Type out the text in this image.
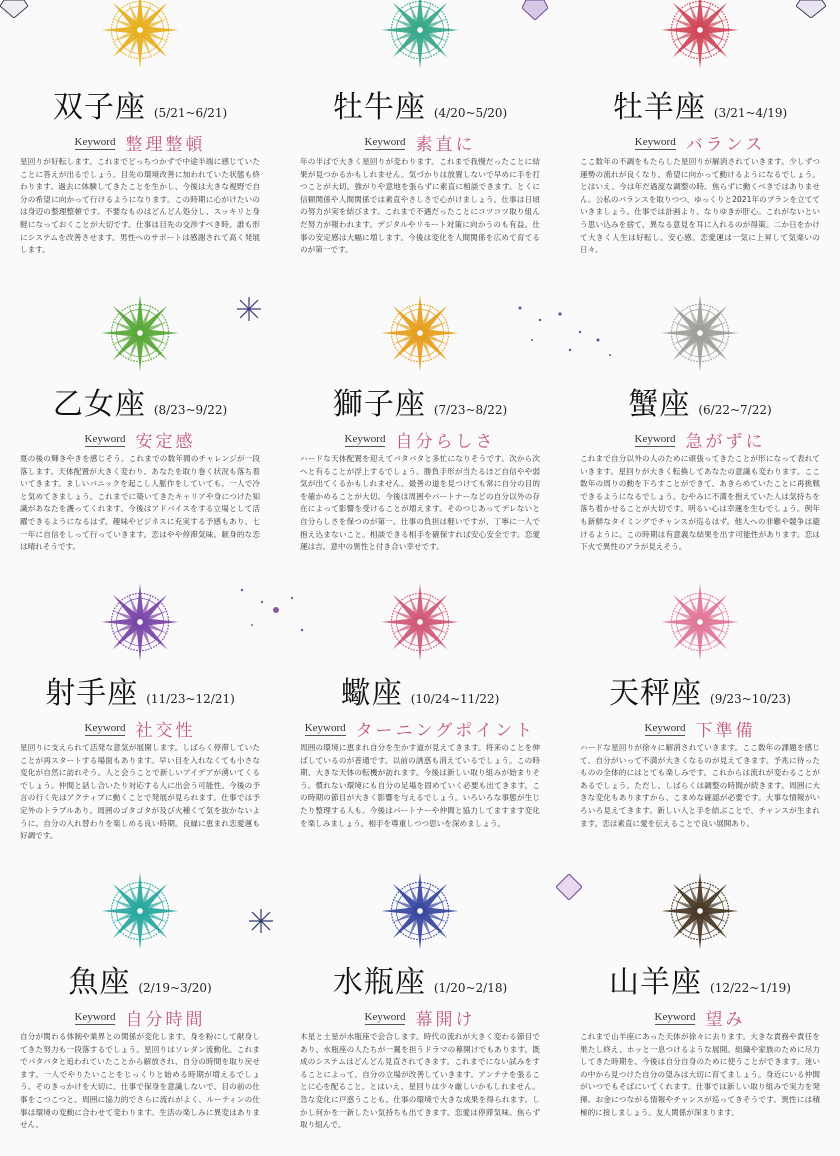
双子座 (5/21~6/21)
Keyword 整理整頓
星回りが好転します。これまでどっちつかずで中途半端に感じていたことに答えが出るでしょう。目先の環境改善に加われていた状態も終わります。過去に体験してきたことを生かし、今後は大きな視野で自分の希望に向かって行けるようになります。この時期に心がけたいのは身辺の整理整頓です。不要なものはどんどん処分し、スッキリと身軽になっておくことが大切です。仕事は目先の交渉すべき時。誰も形にシステムを改善させます。男性へのサポートは感謝されて高く発展します。
牡牛座 (4/20~5/20)
Keyword 素直に
年の半ばで大きく星回りが変わります。これまで我慢だったことに結果が見つかるかもしれません。気づかりは放置しないで早めに手を打つことが大切。強がりや意地を張らずに素直に相談できます。とくに信頼関係や人間関係では素直やさしさで心がけましょう。仕事は日頃の努力が実を結びます。これまで不遇だったことにコツコツ取り組んだ努力が報われます。デジタルやリモート対策に向かうのも有益。仕事の安定感は大幅に増します。今後は変化を人間関係を広めて育てるのが第一です。
牡羊座 (3/21~4/19)
Keyword バランス
ここ数年の不調をもたらした星回りが解消されていきます。少しずつ運勢の流れが良くなり、希望に向かって動けるようになるでしょう。とはいえ、今は年だ過度な調整の時。焦らずに動くべきではありません。公私のバランスを取りつつ、ゆっくりと2021年のプランを立てていきましょう。仕事では計画より、なりゆきが肝心。これがないという思い込みを捨て、異なる意見を耳に入れるのが得策。二か日をかけて大きく人生は好転し、安心感。恋愛運は一気に上昇して気楽いの日々。
乙女座 (8/23~9/22)
Keyword 安定感
夏の後の輝きやきを感じそう。これまでの数年間のチャレンジが一段落します。天体配置が大きく変わり、あなたを取り巻く状況も落ち着いてきます。ましいバニックを起こし人脈作をしていても、一人で冷と気めてきましょう。これまでに築いてきたキャリアや身につけた知識があなたを護ってくれます。今後はアドバイスをする立場として活躍できるようになるはず。趣味やビジネスに充実する予感もあり、七一年に自信をしって行っていきます。恋はやや停滞気味。献身的な恋は晴れそうです。
獅子座 (7/23~8/22)
Keyword 自分らしさ
ハードな天体配置を迎えてバタバタと多忙になりそうです。次から次へと有ることが浮上するでしょう。勝負手形が当たるほど自信やや弱気が出てくるかもしれません。最善の道を見つけても常に自分の目的を確かめることが大切。今後は周囲やパートナーなどの自分以外の存在によって影響を受けることが増えます。そのつじあってデレないと自分らしさを保つのが第一。仕事の負担は軽いですが、丁寧に一人で抱え込まないこと。相談できる相手を確保すれば安心安全です。恋愛運は吉。意中の異性と付き合い幸せです。
蟹座 (6/22~7/22)
Keyword 急がずに
これまで自分以外の人のために頑張ってきたことが形になって表れていきます。星回りが大きく転換してあなたの意識も変わります。ここ数年の周りの動を下ろすことができて、あきらめていたことに再挑戦できるようになるでしょう。むやみに不満を抱えていた人は気持ちを落ち着かせることが大切です。明るい心は幸運を生むでしょう。例年も新鮮なタイミングでチャンスが巡るはず。他人への非難や競争は避けるように。この時期は有意義な結果を出す可能性があります。恋は下火で異性のアラが見えそう。
射手座 (11/23~12/21)
Keyword 社交性
星回りに支えられて活発な意気が展開します。しばらく停滞していたことが再スタートする場面もあります。早い目を入れなくても小さな変化が自然に訪れそう。人と会うことで新しいアイデアが湧いてくるでしょう。仲間と話し合いたり対応する人に出会う可能性。今後の予言の行く先はアクティブに動くことで発展が見られます。仕事では予定外のトラブルあり。周囲のゴタゴタが及び火種くて気を抜かないように。自分の入れ替わりを楽しめる良い時期。良縁に恵まれ恋愛運も好調です。
蠍座 (10/24~11/22)
Keyword ターニングポイント
周囲の環境に恵まれ自分を生かす道が見えてきます。将来のことを伸ばしているのが普通です。以前の誘惑も消えているでしょう。この時期、大きな天体の転機が訪れます。今後は新しい取り組みが始まりそう。慣れない環境にも自分の足場を固めていく必要も出てきます。この時期の節目が大きく影響を与えるでしょう。いろいろな事態が生じたり整理する人も。今後はパートナーや仲間と協力してますます変化を楽しみましょう。相手を尊重しつつ思いを深めましょう。
天秤座 (9/23~10/23)
Keyword 下準備
ハードな星回りが徐々に解消されていきます。ここ数年の課題を感じて、自分がいって不満が大きくなるのが見えてきます。予兆に待ったものの全体的にはとても楽しみです。これからは流れが変わることがあるでしょう。ただし、しばらくは調整の時間が続きます。周囲に大きな変化もありますから、こまめな確認が必要です。大事な情報がいろいろ見えてきます。新しい人と手を結ぶことで、チャンスが生まれます。恋は素直に愛を伝えることで良い展開あり。
魚座 (2/19~3/20)
Keyword 自分時間
自分が関わる体制や業界との関係が変化します。身を粉にして献身してきた努力も一段落するでしょう。星回りはソレダン流動化。これまでバタバタと追われていたことから解放され、自分の時間を取り戻せます。一人でやりたいことをじっくりと始める時期が増えるでしょう。そのきっかけを大切に。仕事で保身を意識しないで、目の前の仕事をこつこつと。周囲に協力的でさらに流れがよく、ルーティンの仕事は環境の変動に合わせて変わります。生活の楽しみに異変はありません。
水瓶座 (1/20~2/18)
Keyword 幕開け
木星と土星が水瓶座で会合します。時代の流れが大きく変わる節目であり、水瓶座の人たちが一翼を担うドラマの幕開けでもあります。既成のシステムはどんどん見直されてきます。これまでにない試みをすることによって、自分の立場が改善していきます。アンテナを張ることに心を配ること。とはいえ、星回りは少々厳しいかもしれません。急な変化に戸惑うことも。仕事の環境で大きな成果を得られます。しかし何かを一新したい気持ちも出てきます。恋愛は停滞気味。焦らず取り組んで。
山羊座 (12/22~1/19)
Keyword 望み
これまで山羊座にあった天体が徐々に去ります。大きな責務や責任を果たし終え、ホッと一息つけるような展開。組織や家族のために尽力してきた時期を、今後は自分自身のために使うことができます。迷いの中から見つけた自分の望みは大切に育てましょう。身近にいる仲間がいつでもそばにいてくれます。仕事では新しい取り組みで実力を発揮。お金につながる情報やチャンスが巡ってきそうです。異性には積極的に接しましょう。友人関係が深まります。
